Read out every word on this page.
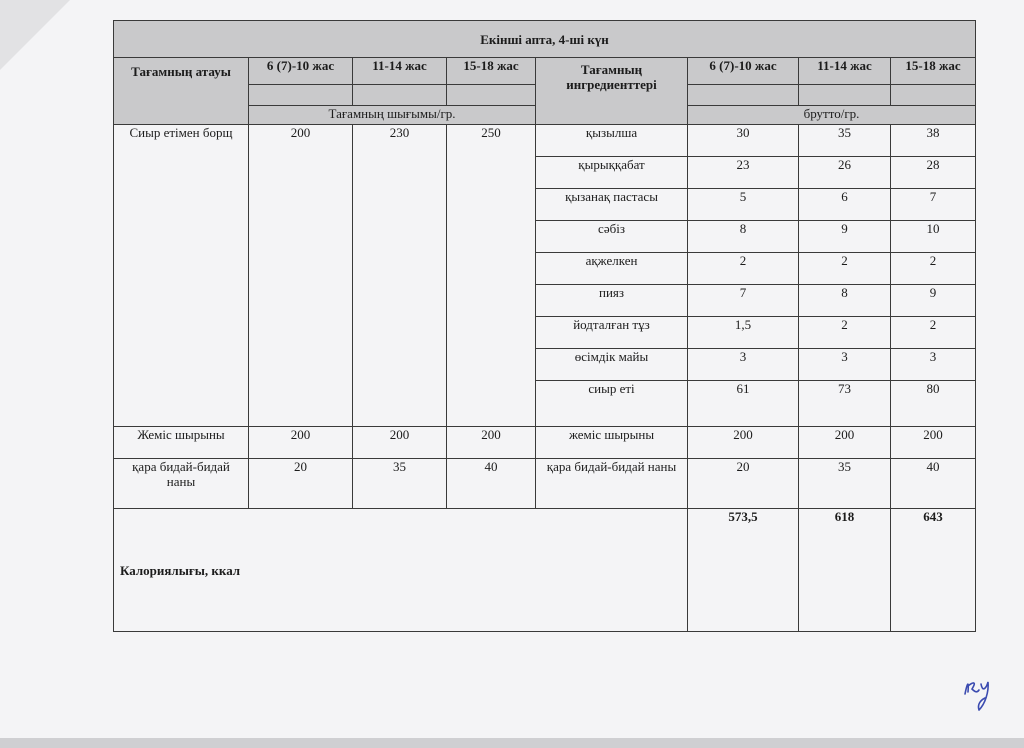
Екінші апта, 4-ші күн							
Тағамның атауы	6 (7)-10 жас	11-14 жас	15-18 жас	Тағамның ингредиенттері	6 (7)-10 жас	11-14 жас	15-18 жас

	Тағамның шығымы/гр.				брутто/гр.		
Сиыр етімен борщ	200	230	250	қызылша	30	35	38
				қырыққабат	23	26	28
				қызанақ пастасы	5	6	7
				сәбіз	8	9	10
				ақжелкен	2	2	2
				пияз	7	8	9
				йодталған тұз	1,5	2	2
				өсімдік майы	3	3	3
				сиыр еті	61	73	80
Жеміс шырыны	200	200	200	жеміс шырыны	200	200	200
қара бидай-бидай наны	20	35	40	қара бидай-бидай наны	20	35	40
Калориялығы, ккал					573,5	618	643
